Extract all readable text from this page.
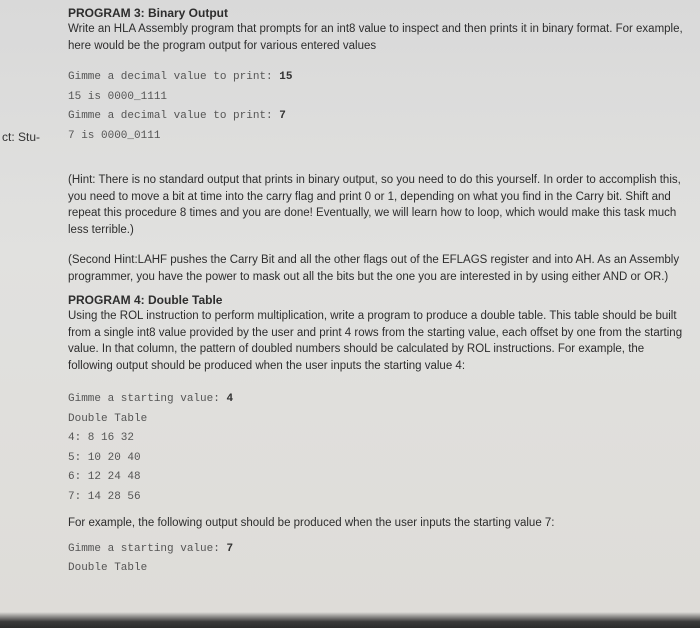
ct: Stu-

PROGRAM 3: Binary Output

Write an HLA Assembly program that prompts for an int8 value to inspect and then prints it in binary format. For example, here would be the program output for various entered values

Gimme a decimal value to print: 15
15 is 0000_1111
Gimme a decimal value to print: 7
7 is 0000_0111

(Hint: There is no standard output that prints in binary output, so you need to do this yourself. In order to accomplish this, you need to move a bit at time into the carry flag and print 0 or 1, depending on what you find in the Carry bit. Shift and repeat this procedure 8 times and you are done! Eventually, we will learn how to loop, which would make this task much less terrible.)

(Second Hint:LAHF pushes the Carry Bit and all the other flags out of the EFLAGS register and into AH. As an Assembly programmer, you have the power to mask out all the bits but the one you are interested in by using either AND or OR.)

PROGRAM 4: Double Table

Using the ROL instruction to perform multiplication, write a program to produce a double table. This table should be built from a single int8 value provided by the user and print 4 rows from the starting value, each offset by one from the starting value. In that column, the pattern of doubled numbers should be calculated by ROL instructions. For example, the following output should be produced when the user inputs the starting value 4:

Gimme a starting value: 4
Double Table
4: 8 16 32
5: 10 20 40
6: 12 24 48
7: 14 28 56

For example, the following output should be produced when the user inputs the starting value 7:

Gimme a starting value: 7
Double Table
